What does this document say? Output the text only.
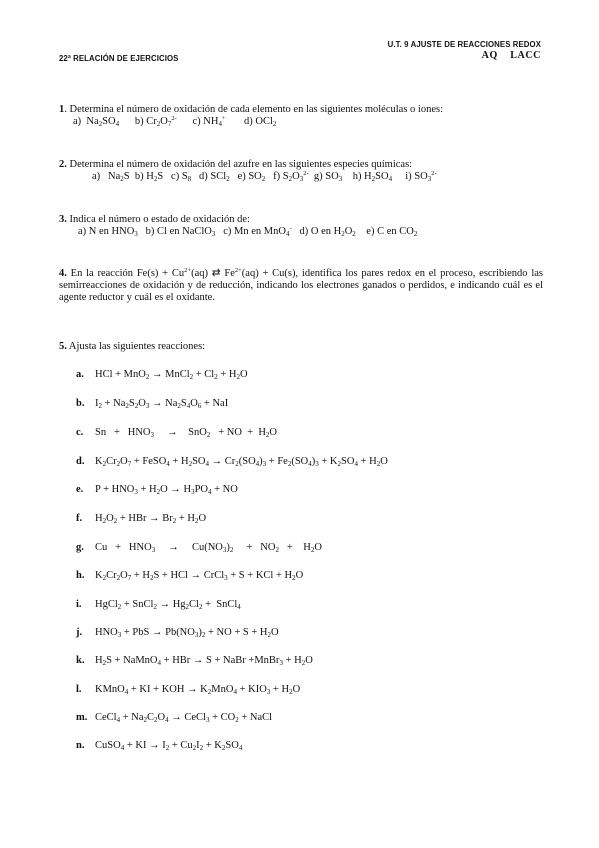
U.T. 9 AJUSTE DE REACCIONES REDOX
22ª RELACIÓN DE EJERCICIOS	AQ    LACC
1. Determina el número de oxidación de cada elemento en las siguientes moléculas o iones:
a)  $Na_2SO_4$      b) $Cr_2O_7^{2-}$      c) $NH_4^+$       d) OCl$_2$
2. Determina el número de oxidación del azufre en las siguientes especies químicas:
a)   $Na_2S$  b) $H_2S$   c) $S_8$   d) SCl$_2$   e) $SO_2$   f) $S_2O_3^{2-}$  g) $SO_3$    h) $H_2SO_4$     i) $SO_3^{2-}$
3. Indica el número o estado de oxidación de:
a) N en $HNO_3$   b) Cl en NaClO$_3$   c) Mn en MnO$_4$-   d) O en $H_2O_2$    e) C en $CO_2$
4. En la reacción $Fe(s) + Cu^{2+}(aq)$ ⇄ $Fe^{2+}(aq) + Cu(s)$, identifica los pares redox en el proceso, escribiendo las semirreacciones de oxidación y de reducción, indicando los electrones ganados o perdidos, e indicando cuál es el agente reductor y cuál es el oxidante.
5. Ajusta las siguientes reacciones:
a. HCl + MnO$_2$ → MnCl$_2$ + $Cl_2 + H_2O$
b. $I_2 + Na_2S_2O_3 \to Na_2S_4O_6$ + NaI
c. $Sn + HNO_3$     →    SnO$_2$   + NO  +  $H_2O$
d. $K_2Cr_2O_7$ + FeSO$_4$ + $H_2SO_4 \to Cr_2(SO_4)_3 + Fe_2(SO_4)_3 + K_2SO_4 + H_2O$
e. $P + HNO_3 + H_2O \to H_3PO_4$ + NO
f. $H_2O_2$ + HBr → $Br_2 + H_2O$
g. $Cu + HNO_3$     →     $Cu(NO_3)_2$     +   $NO_2$   +    $H_2O$
h. $K_2Cr_2O_7 + H_2S$ + HCl → CrCl$_3$ + S + KCl + $H_2O$
i. HgCl$_2$ + SnCl$_2$ → $Hg_2Cl_2$ +  SnCl$_4$
j. $HNO_3$ + PbS → $Pb(NO_3)_2$ + NO + $S + H_2O$
k. $H_2S$ + NaMnO$_4$ + HBr → S + NaBr +MnBr$_3$ + $H_2O$
l. KMnO$_4$ + KI + KOH → $K_2MnO_4 + KIO_3 + H_2O$
m. CeCl$_4$ + $Na_2C_2O_4$ → CeCl$_3$ + $CO_2$ + NaCl
n. CuSO$_4$ + KI → $I_2 + Cu_2I_2 + K_2SO_4$
